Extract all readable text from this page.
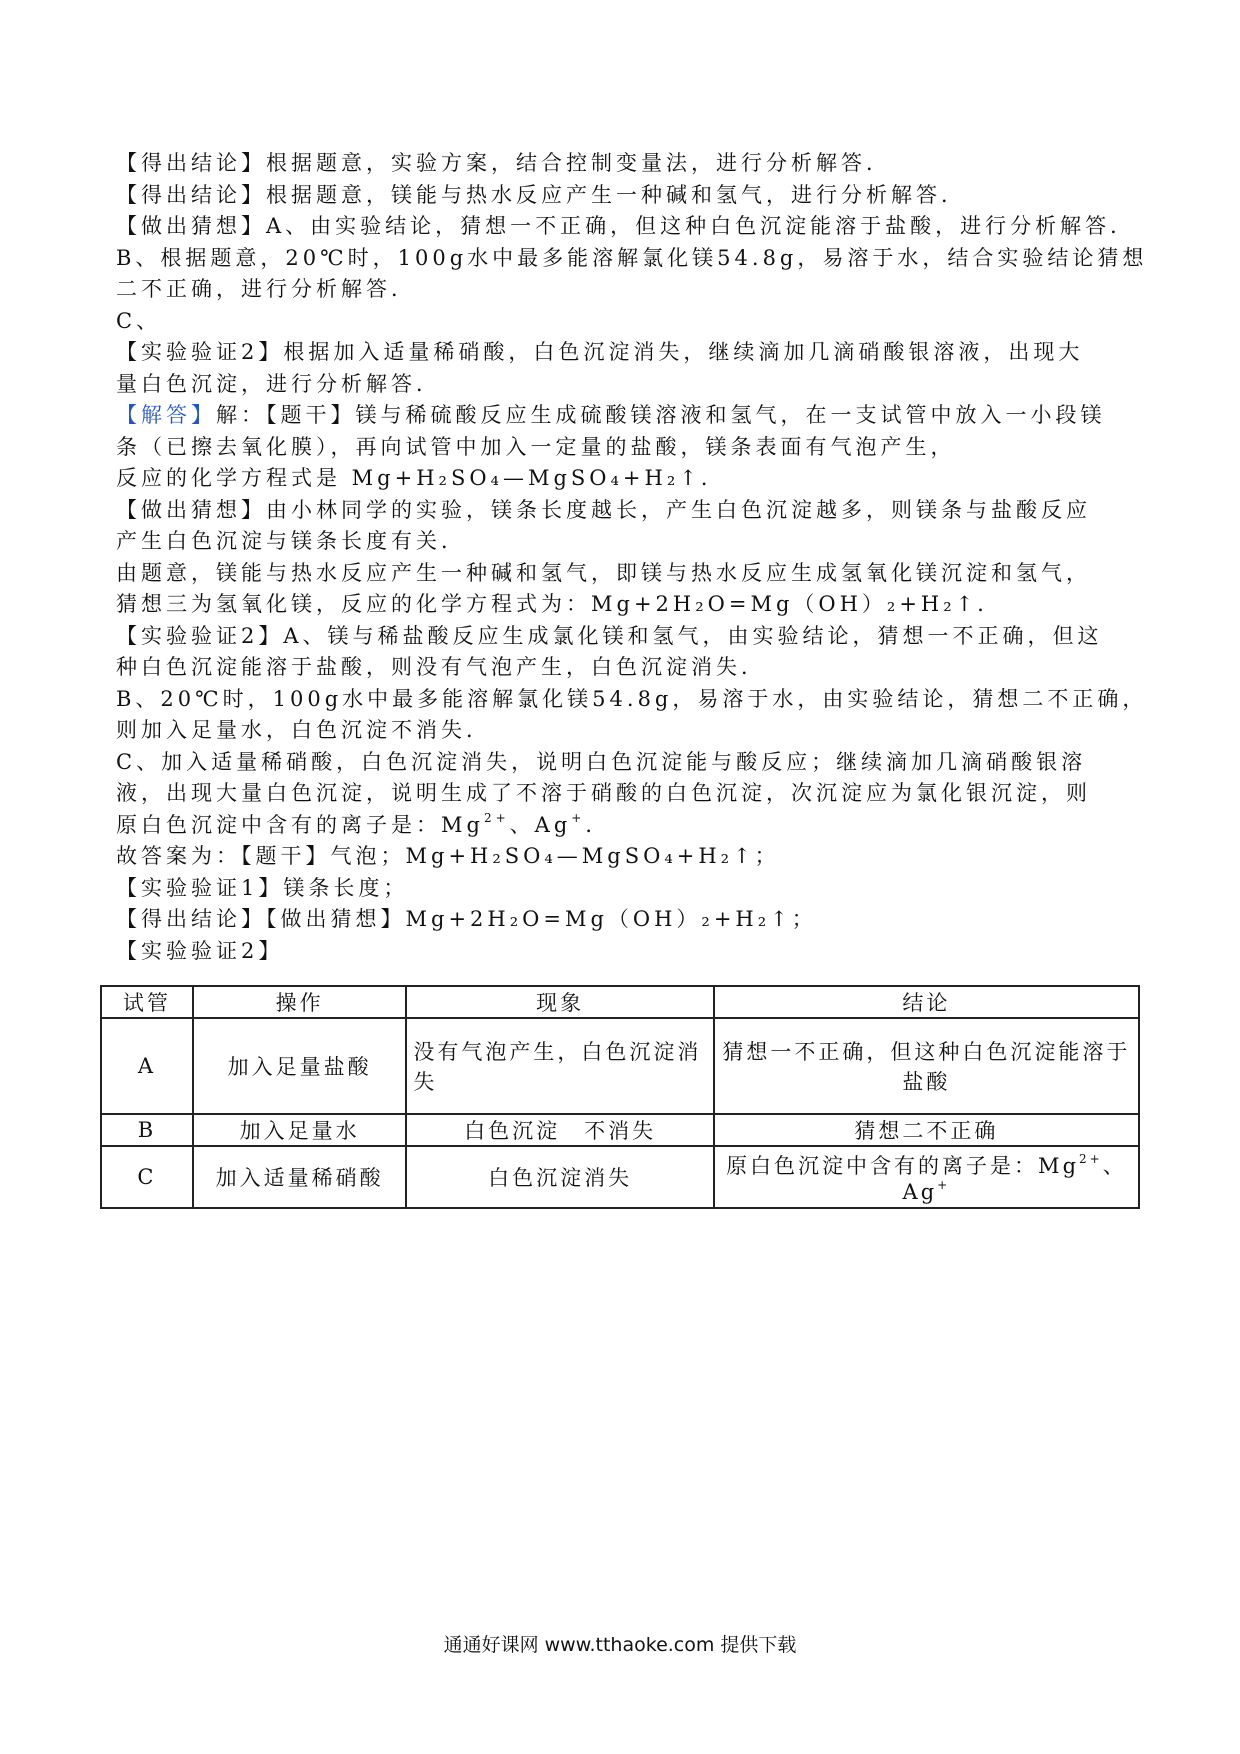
【得出结论】根据题意，实验方案，结合控制变量法，进行分析解答．
【得出结论】根据题意，镁能与热水反应产生一种碱和氢气，进行分析解答．
【做出猜想】A、由实验结论，猜想一不正确，但这种白色沉淀能溶于盐酸，进行分析解答．
B、根据题意，20℃时，100g水中最多能溶解氯化镁54.8g，易溶于水，结合实验结论猜想
二不正确，进行分析解答．
C、
【实验验证2】根据加入适量稀硝酸，白色沉淀消失，继续滴加几滴硝酸银溶液，出现大
量白色沉淀，进行分析解答．
【解答】解：【题干】镁与稀硫酸反应生成硫酸镁溶液和氢气，在一支试管中放入一小段镁
条（已擦去氧化膜），再向试管中加入一定量的盐酸，镁条表面有气泡产生，
反应的化学方程式是 Mg+H₂SO₄—MgSO₄+H₂↑．
【做出猜想】由小林同学的实验，镁条长度越长，产生白色沉淀越多，则镁条与盐酸反应
产生白色沉淀与镁条长度有关．
由题意，镁能与热水反应产生一种碱和氢气，即镁与热水反应生成氢氧化镁沉淀和氢气，
猜想三为氢氧化镁，反应的化学方程式为：Mg+2H₂O=Mg（OH）₂+H₂↑．
【实验验证2】A、镁与稀盐酸反应生成氯化镁和氢气，由实验结论，猜想一不正确，但这
种白色沉淀能溶于盐酸，则没有气泡产生，白色沉淀消失．
B、20℃时，100g水中最多能溶解氯化镁54.8g，易溶于水，由实验结论，猜想二不正确，
则加入足量水，白色沉淀不消失．
C、加入适量稀硝酸，白色沉淀消失，说明白色沉淀能与酸反应；继续滴加几滴硝酸银溶
液，出现大量白色沉淀，说明生成了不溶于硝酸的白色沉淀，次沉淀应为氯化银沉淀，则
原白色沉淀中含有的离子是：$Mg^{2+}$、Ag+．
故答案为：【题干】气泡；Mg+H₂SO₄—MgSO₄+H₂↑；
【实验验证1】镁条长度；
【得出结论】【做出猜想】Mg+2H₂O=Mg（OH）₂+H₂↑；
【实验验证2】
试管	操作	现象	结论
A	加入足量盐酸	没有气泡产生，白色沉淀消失	猜想一不正确，但这种白色沉淀能溶于盐酸
B	加入足量水	白色沉淀　不消失	猜想二不正确
C	加入适量稀硝酸	白色沉淀消失	原白色沉淀中含有的离子是：$Mg^{2+}$、Ag+
通通好课网 www.tthaoke.com 提供下载
